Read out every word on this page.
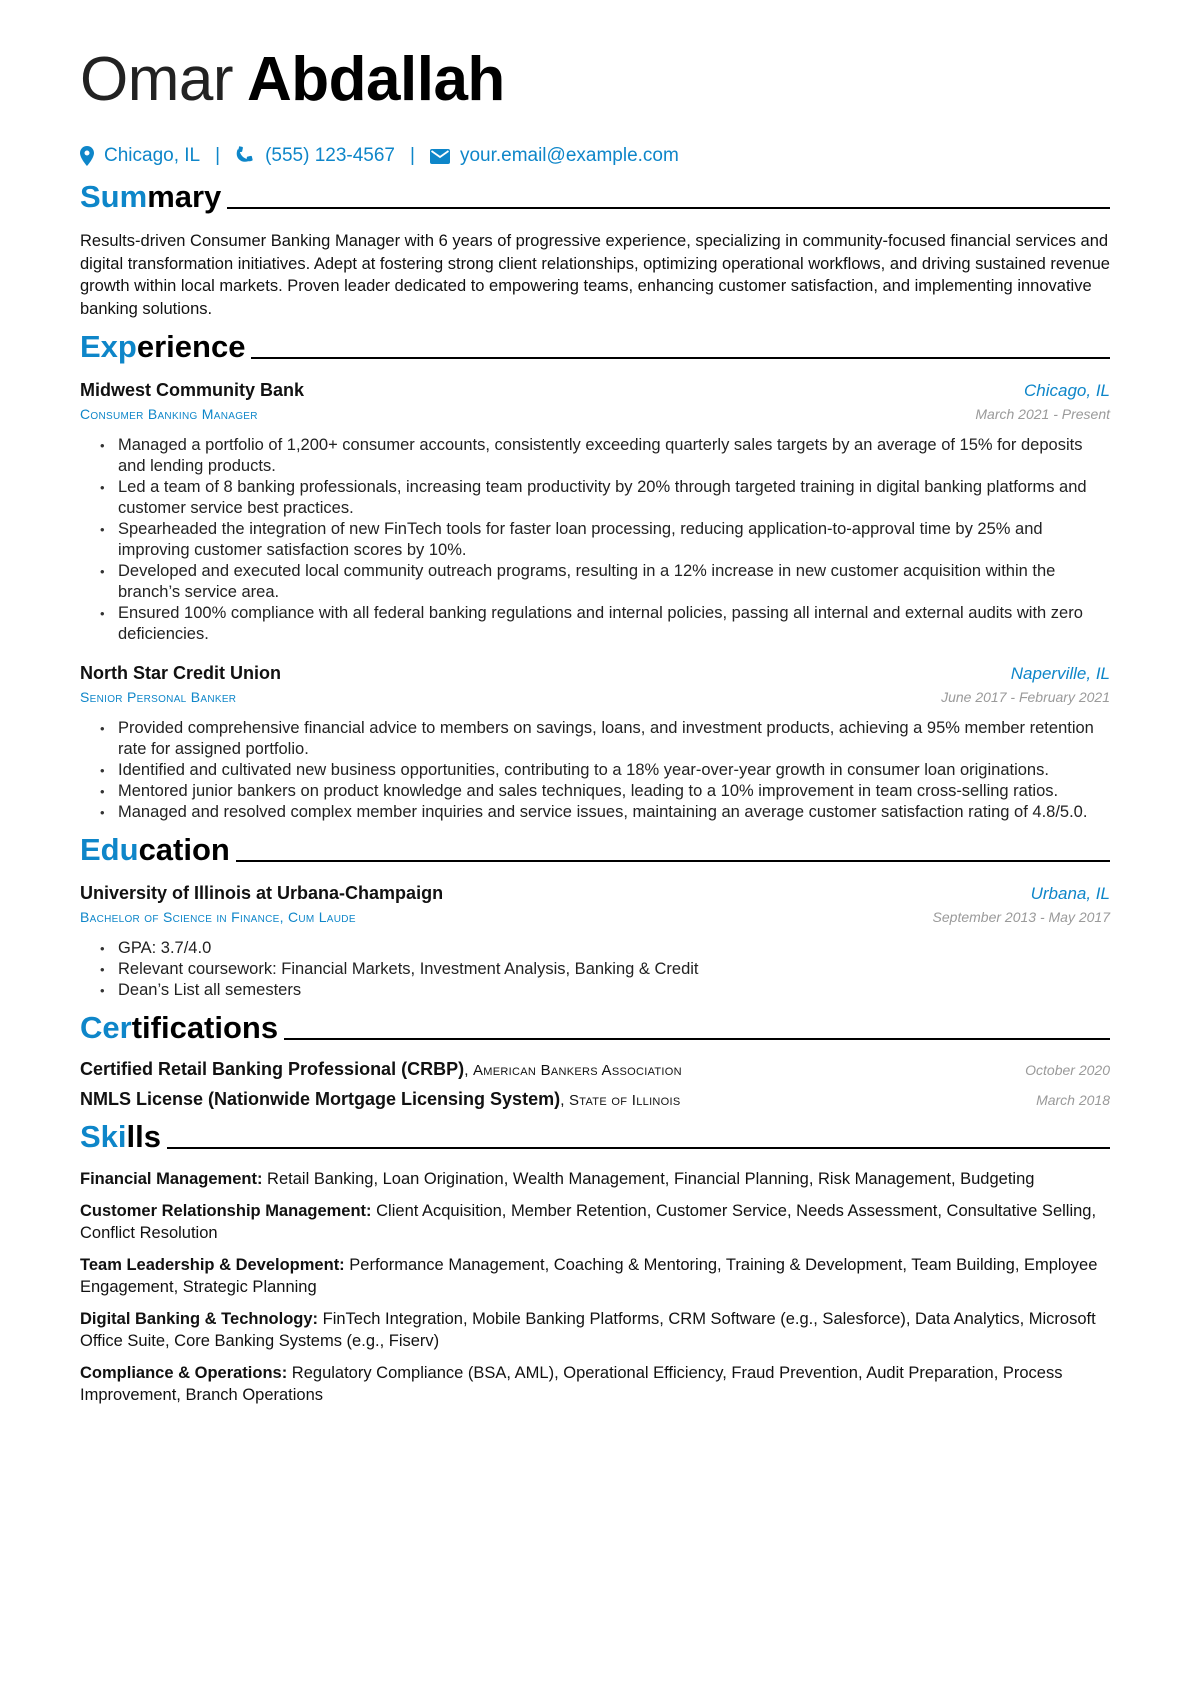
Omar Abdallah
Chicago, IL | (555) 123-4567 | your.email@example.com
Summary
Results-driven Consumer Banking Manager with 6 years of progressive experience, specializing in community-focused financial services and digital transformation initiatives. Adept at fostering strong client relationships, optimizing operational workflows, and driving sustained revenue growth within local markets. Proven leader dedicated to empowering teams, enhancing customer satisfaction, and implementing innovative banking solutions.
Experience
Midwest Community Bank	Chicago, IL
Consumer Banking Manager	March 2021 - Present
• Managed a portfolio of 1,200+ consumer accounts, consistently exceeding quarterly sales targets by an average of 15% for deposits and lending products.
• Led a team of 8 banking professionals, increasing team productivity by 20% through targeted training in digital banking platforms and customer service best practices.
• Spearheaded the integration of new FinTech tools for faster loan processing, reducing application-to-approval time by 25% and improving customer satisfaction scores by 10%.
• Developed and executed local community outreach programs, resulting in a 12% increase in new customer acquisition within the branch’s service area.
• Ensured 100% compliance with all federal banking regulations and internal policies, passing all internal and external audits with zero deficiencies.
North Star Credit Union	Naperville, IL
Senior Personal Banker	June 2017 - February 2021
• Provided comprehensive financial advice to members on savings, loans, and investment products, achieving a 95% member retention rate for assigned portfolio.
• Identified and cultivated new business opportunities, contributing to a 18% year-over-year growth in consumer loan originations.
• Mentored junior bankers on product knowledge and sales techniques, leading to a 10% improvement in team cross-selling ratios.
• Managed and resolved complex member inquiries and service issues, maintaining an average customer satisfaction rating of 4.8/5.0.
Education
University of Illinois at Urbana-Champaign	Urbana, IL
Bachelor of Science in Finance, Cum Laude	September 2013 - May 2017
• GPA: 3.7/4.0
• Relevant coursework: Financial Markets, Investment Analysis, Banking & Credit
• Dean’s List all semesters
Certifications
Certified Retail Banking Professional (CRBP), American Bankers Association	October 2020
NMLS License (Nationwide Mortgage Licensing System), State of Illinois	March 2018
Skills
Financial Management: Retail Banking, Loan Origination, Wealth Management, Financial Planning, Risk Management, Budgeting
Customer Relationship Management: Client Acquisition, Member Retention, Customer Service, Needs Assessment, Consultative Selling, Conflict Resolution
Team Leadership & Development: Performance Management, Coaching & Mentoring, Training & Development, Team Building, Employee Engagement, Strategic Planning
Digital Banking & Technology: FinTech Integration, Mobile Banking Platforms, CRM Software (e.g., Salesforce), Data Analytics, Microsoft Office Suite, Core Banking Systems (e.g., Fiserv)
Compliance & Operations: Regulatory Compliance (BSA, AML), Operational Efficiency, Fraud Prevention, Audit Preparation, Process Improvement, Branch Operations
